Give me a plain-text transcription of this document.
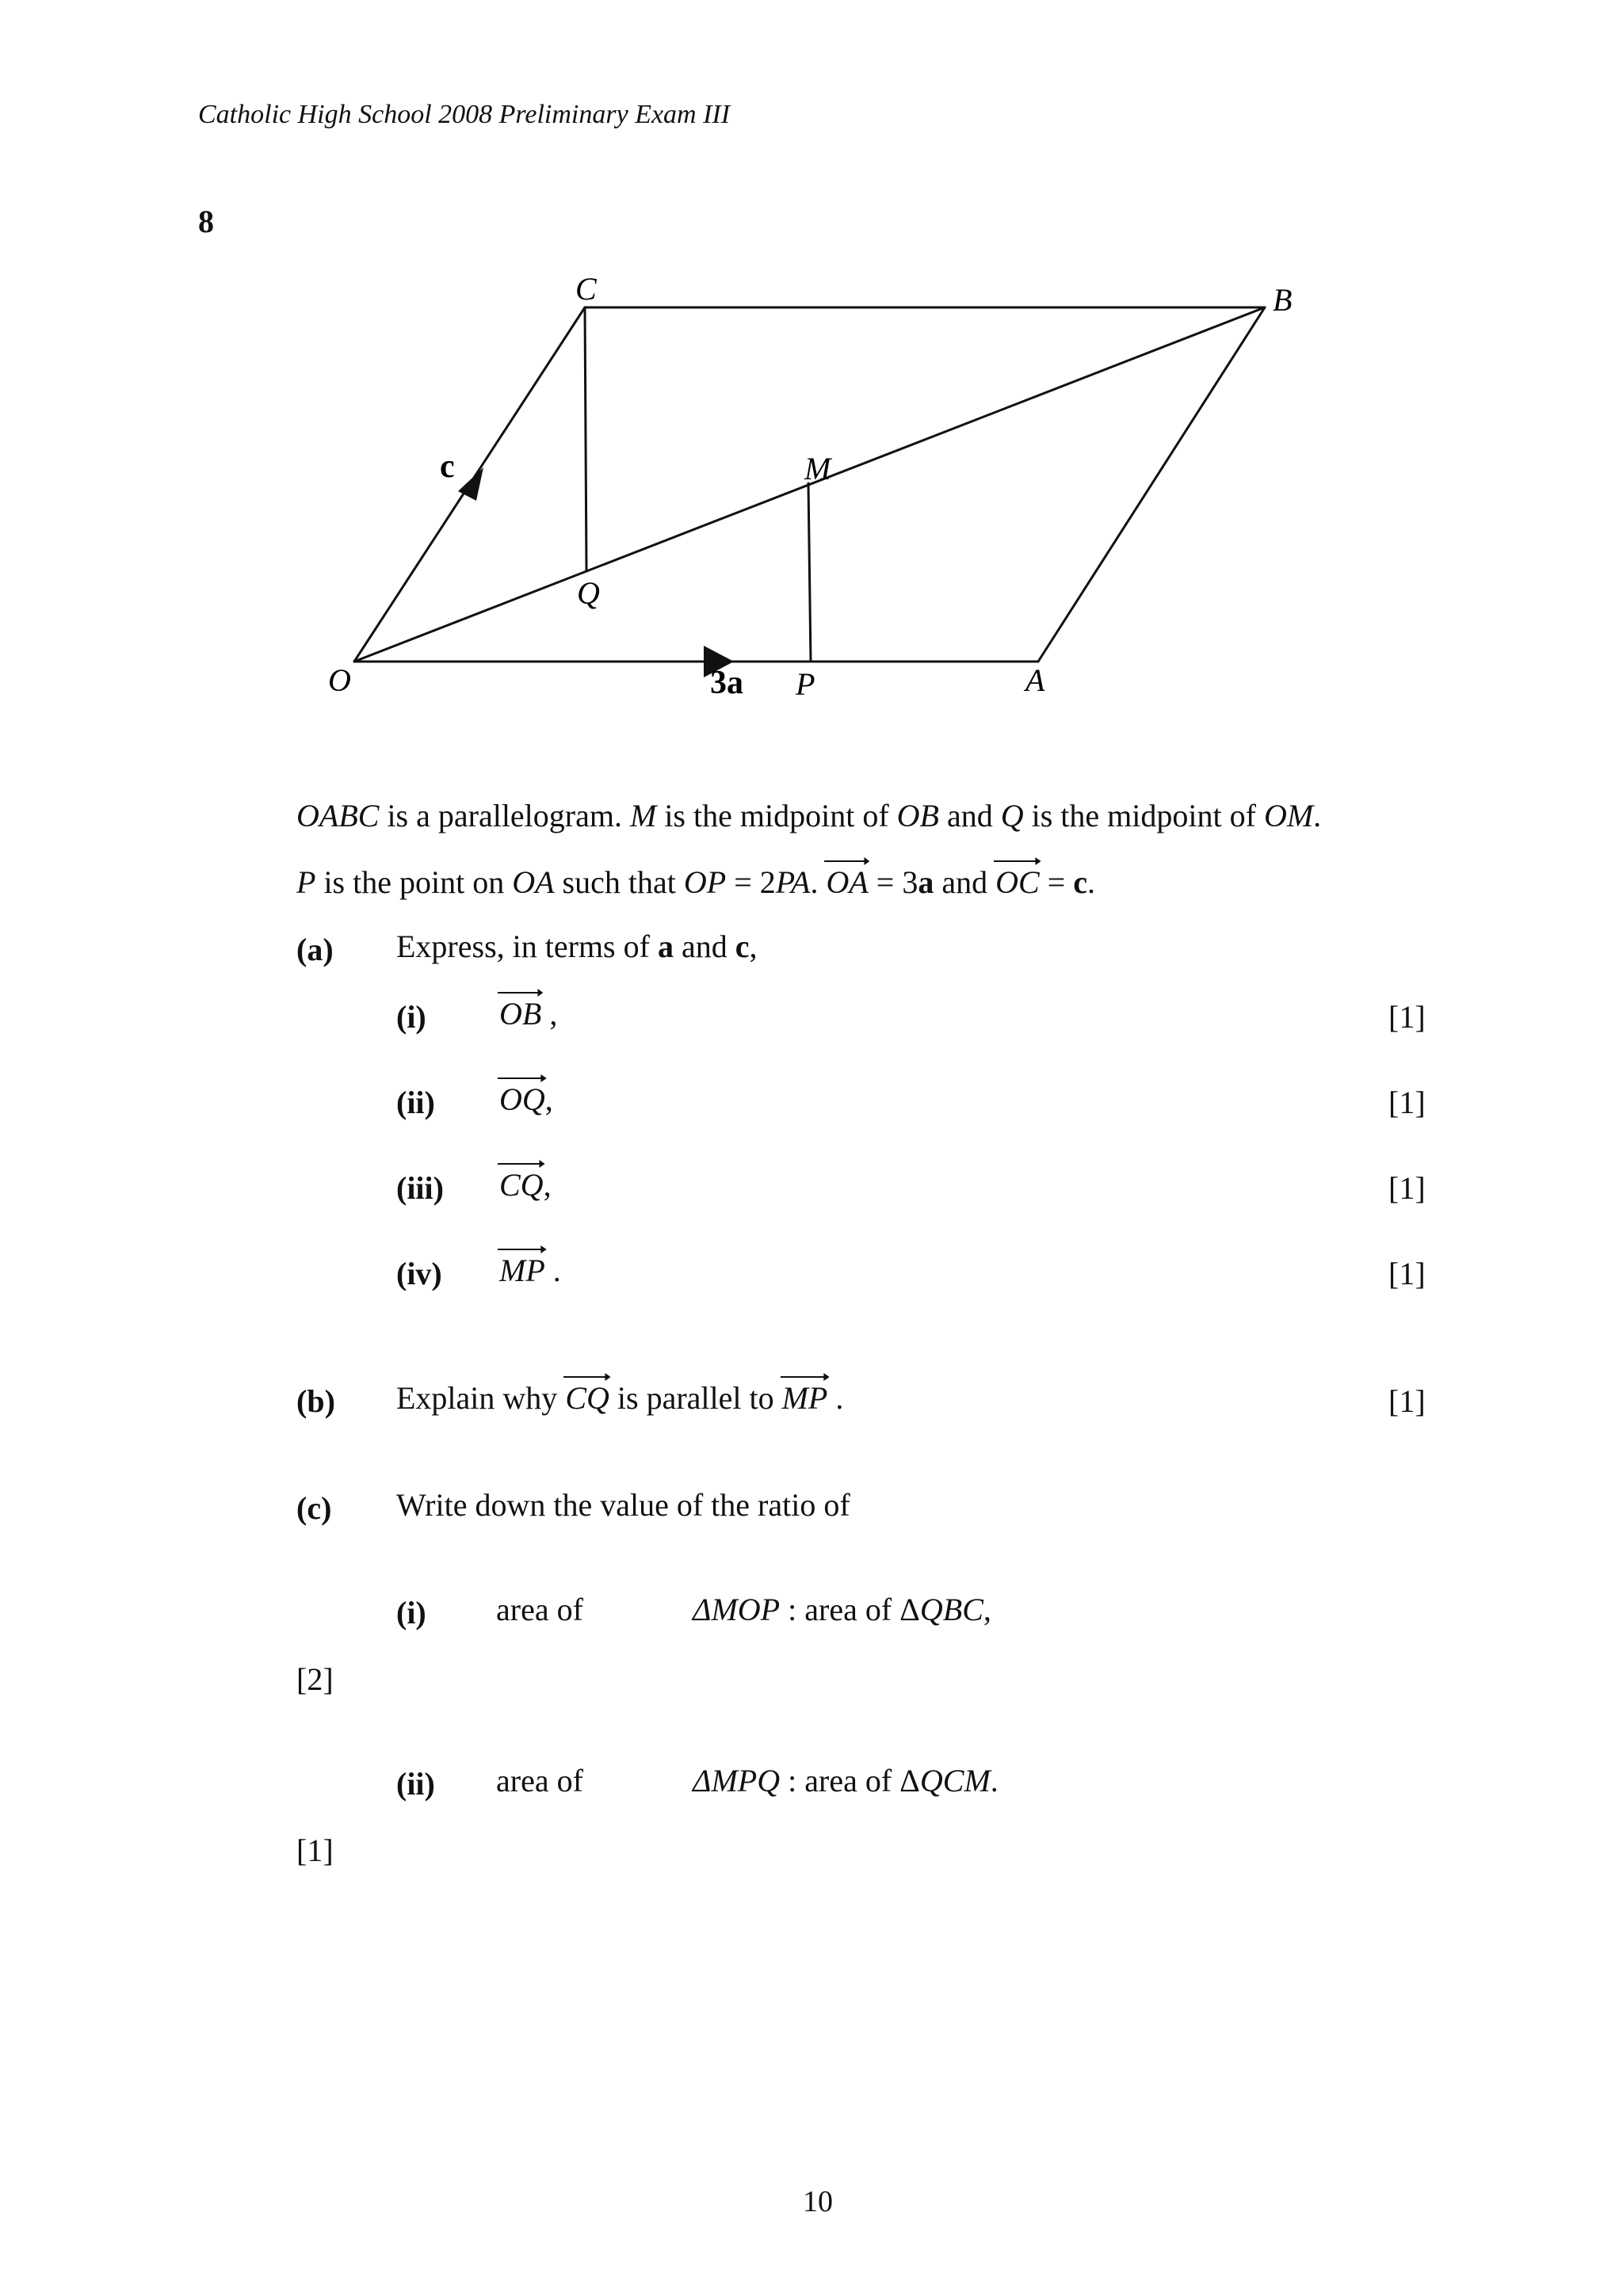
Catholic High School 2008 Preliminary Exam III
8
C	B
M
Q
O	P	A
c
3a
OABC is a parallelogram. M is the midpoint of OB and Q is the midpoint of OM.
P is the point on OA such that OP = 2PA.
OA = 3a and
OC = c.
(a) Express, in terms of a and c,
(i) OB ,	[1]
(ii) OQ,	[1]
(iii) CQ,	[1]
(iv) MP .	[1]
(b) Explain why
CQ is parallel to
MP .	[1]
(c) Write down the value of the ratio of
(i) area of	ΔMOP : area of ΔQBC,
[2]
(ii) area of	ΔMPQ : area of ΔQCM.
[1]
10
